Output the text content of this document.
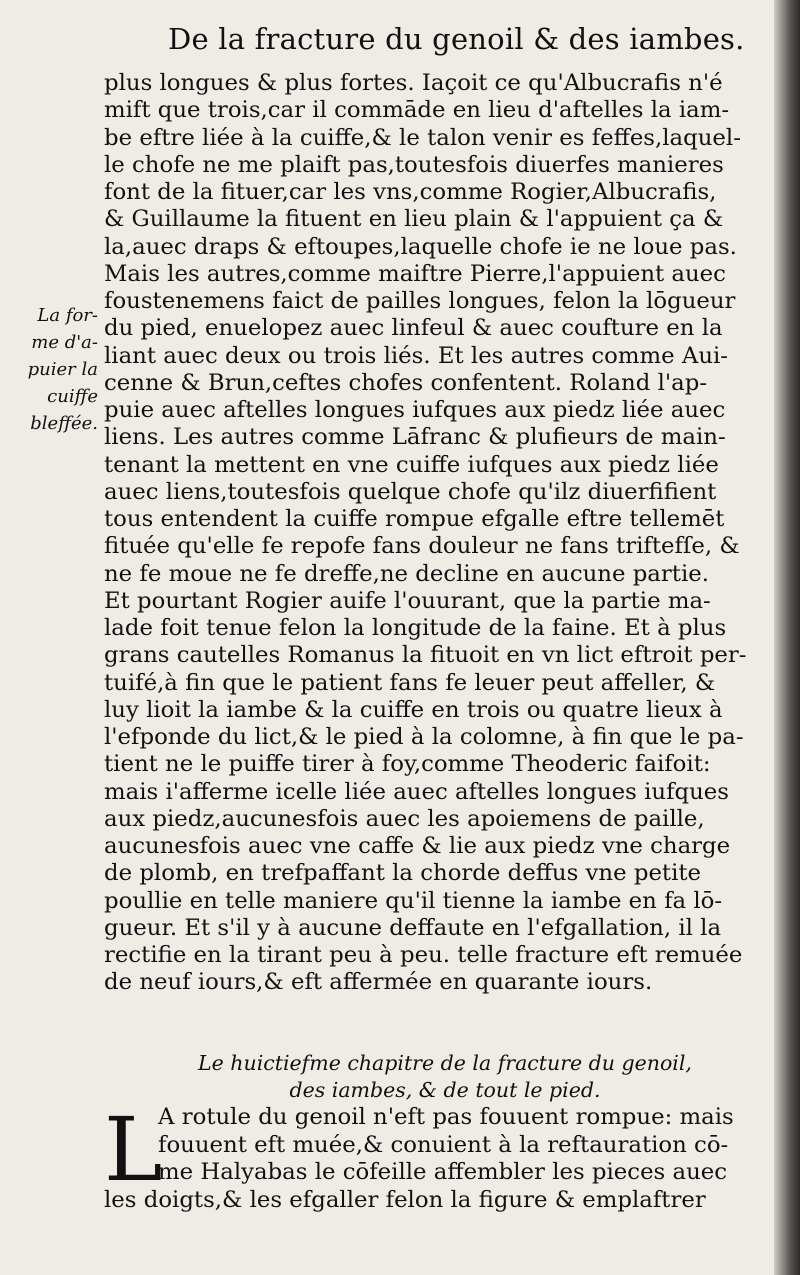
De la fracture du genoil & des iambes.
La for-
me d'a-
puier la
cuiffe
bleffée.
plus longues & plus fortes. Iaçoit ce qu'Albucrafis n'é
mift que trois,car il commāde en lieu d'aftelles la iam-
be eftre liée à la cuiffe,& le talon venir es feffes,laquel-
le chofe ne me plaift pas,toutesfois diuerfes manieres
font de la fituer,car les vns,comme Rogier,Albucrafis,
& Guillaume la fituent en lieu plain & l'appuient ça &
la,auec draps & eftoupes,laquelle chofe ie ne loue pas.
Mais les autres,comme maiftre Pierre,l'appuient auec
foustenemens faict de pailles longues, felon la lōgueur
du pied, enuelopez auec linfeul & auec coufture en la
liant auec deux ou trois liés. Et les autres comme Aui-
cenne & Brun,ceftes chofes confentent. Roland l'ap-
puie auec aftelles longues iufques aux piedz liée auec
liens. Les autres comme Lāfranc & plufieurs de main-
tenant la mettent en vne cuiffe iufques aux piedz liée
auec liens,toutesfois quelque chofe qu'ilz diuerfifient
tous entendent la cuiffe rompue efgalle eftre tellemēt
fituée qu'elle fe repofe fans douleur ne fans triftefſe, &
ne fe moue ne fe dreffe,ne decline en aucune partie.
Et pourtant Rogier auife l'ouurant, que la partie ma-
lade foit tenue felon la longitude de la faine. Et à plus
grans cautelles Romanus la fituoit en vn lict eftroit per-
tuifé,à fin que le patient fans fe leuer peut affeller, &
luy lioit la iambe & la cuiffe en trois ou quatre lieux à
l'efponde du lict,& le pied à la colomne, à fin que le pa-
tient ne le puiffe tirer à foy,comme Theoderic faifoit:
mais i'afferme icelle liée auec aftelles longues iufques
aux piedz,aucunesfois auec les apoiemens de paille,
aucunesfois auec vne caffe & lie aux piedz vne charge
de plomb, en trefpaffant la chorde deffus vne petite
poullie en telle maniere qu'il tienne la iambe en fa lō-
gueur. Et s'il y à aucune deffaute en l'efgallation, il la
rectifie en la tirant peu à peu. telle fracture eft remuée
de neuf iours,& eft affermée en quarante iours.
Le huictiefme chapitre de la fracture du genoil,
des iambes, & de tout le pied.
L
A rotule du genoil n'eft pas fouuent rompue: mais
fouuent eft muée,& conuient à la reftauration cō-
me Halyabas le cōfeille affembler les pieces auec
les doigts,& les efgaller felon la figure & emplaftrer
